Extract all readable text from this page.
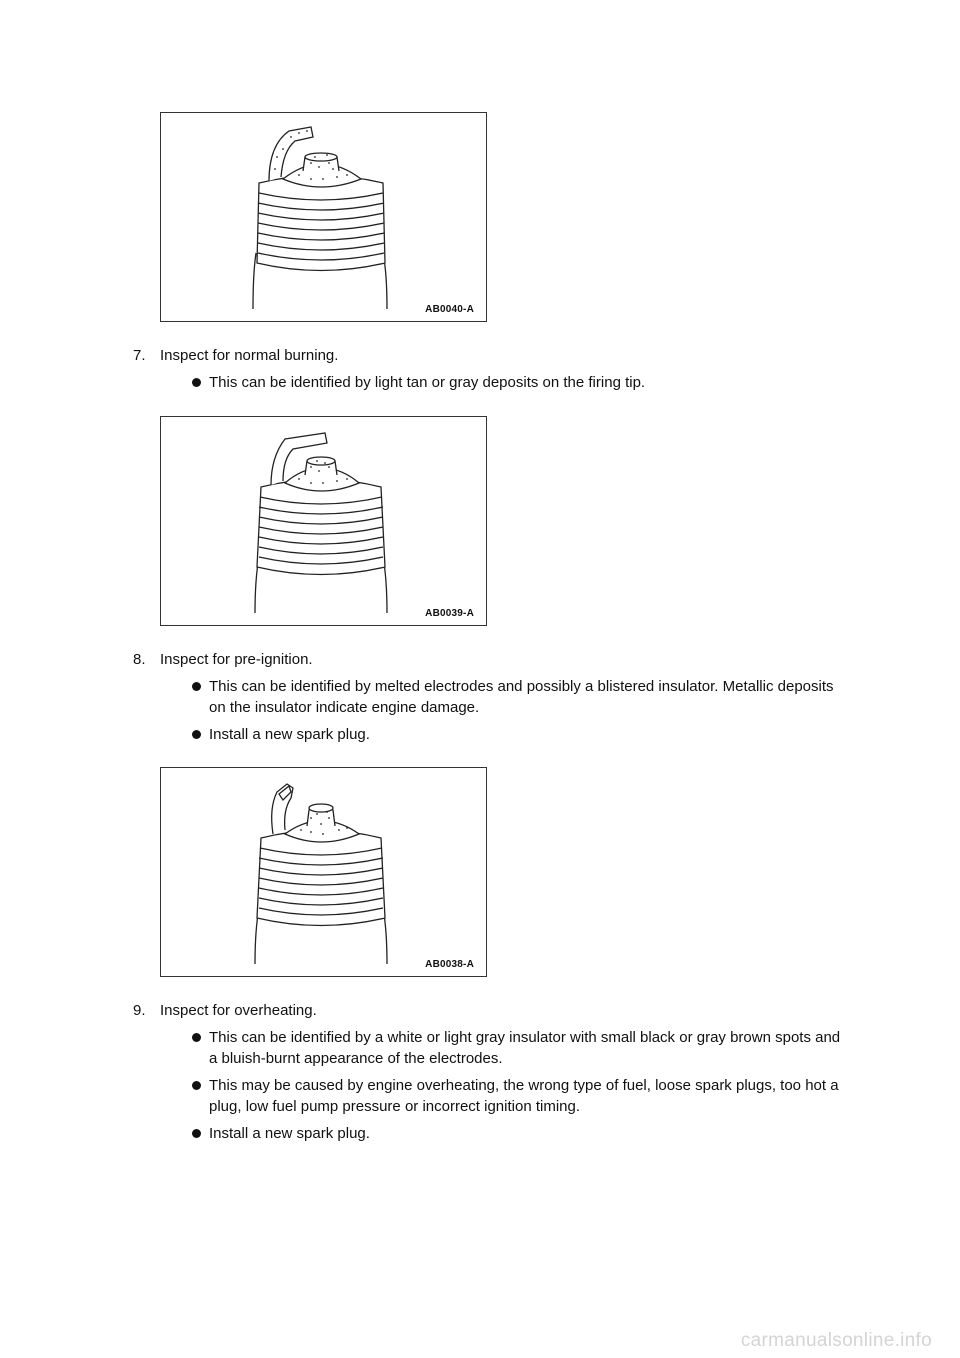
AB0040-A
7. Inspect for normal burning.
This can be identified by light tan or gray deposits on the firing tip.
AB0039-A
8. Inspect for pre-ignition.
This can be identified by melted electrodes and possibly a blistered insulator. Metallic deposits on the insulator indicate engine damage.
Install a new spark plug.
AB0038-A
9. Inspect for overheating.
This can be identified by a white or light gray insulator with small black or gray brown spots and a bluish-burnt appearance of the electrodes.
This may be caused by engine overheating, the wrong type of fuel, loose spark plugs, too hot a plug, low fuel pump pressure or incorrect ignition timing.
Install a new spark plug.
carmanualsonline.info
